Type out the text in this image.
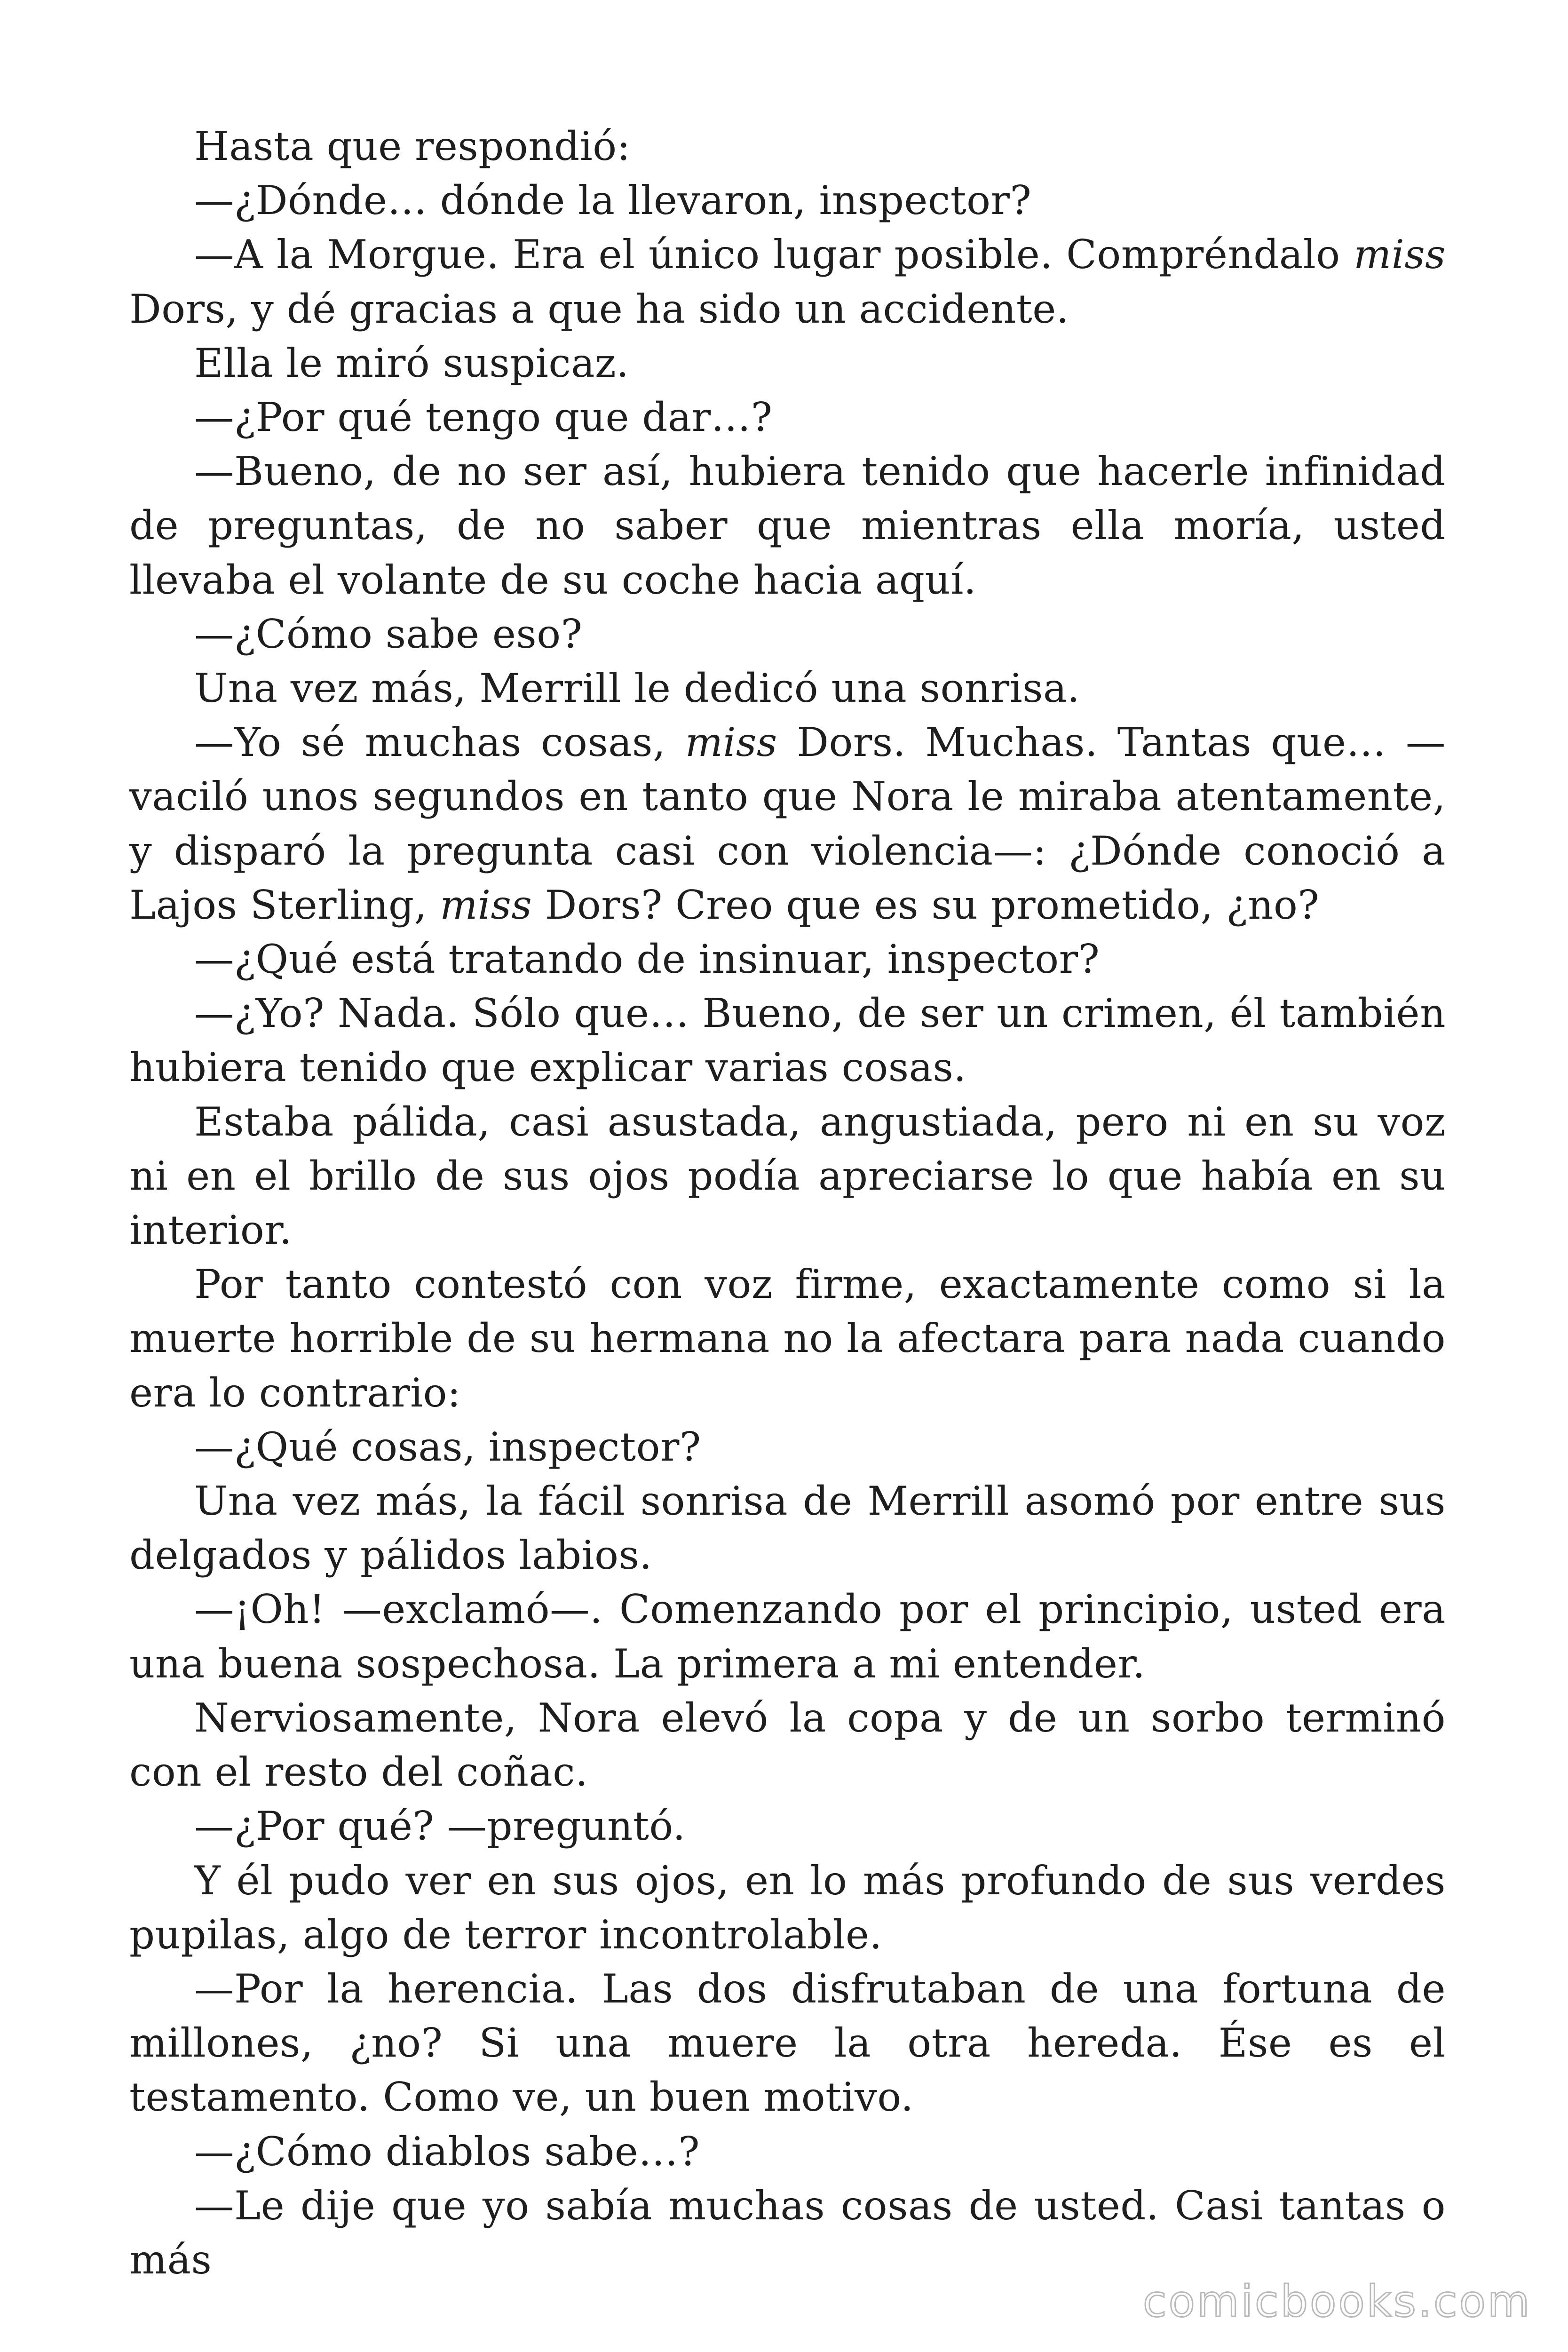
Hasta que respondió:

—¿Dónde… dónde la llevaron, inspector?

—A la Morgue. Era el único lugar posible. Compréndalo miss Dors, y dé gracias a que ha sido un accidente.

Ella le miró suspicaz.

—¿Por qué tengo que dar…?

—Bueno, de no ser así, hubiera tenido que hacerle infinidad de preguntas, de no saber que mientras ella moría, usted llevaba el volante de su coche hacia aquí.

—¿Cómo sabe eso?

Una vez más, Merrill le dedicó una sonrisa.

—Yo sé muchas cosas, miss Dors. Muchas. Tantas que… —vaciló unos segundos en tanto que Nora le miraba atentamente, y disparó la pregunta casi con violencia—: ¿Dónde conoció a Lajos Sterling, miss Dors? Creo que es su prometido, ¿no?

—¿Qué está tratando de insinuar, inspector?

—¿Yo? Nada. Sólo que… Bueno, de ser un crimen, él también hubiera tenido que explicar varias cosas.

Estaba pálida, casi asustada, angustiada, pero ni en su voz ni en el brillo de sus ojos podía apreciarse lo que había en su interior.

Por tanto contestó con voz firme, exactamente como si la muerte horrible de su hermana no la afectara para nada cuando era lo contrario:

—¿Qué cosas, inspector?

Una vez más, la fácil sonrisa de Merrill asomó por entre sus delgados y pálidos labios.

—¡Oh! —exclamó—. Comenzando por el principio, usted era una buena sospechosa. La primera a mi entender.

Nerviosamente, Nora elevó la copa y de un sorbo terminó con el resto del coñac.

—¿Por qué? —preguntó.

Y él pudo ver en sus ojos, en lo más profundo de sus verdes pupilas, algo de terror incontrolable.

—Por la herencia. Las dos disfrutaban de una fortuna de millones, ¿no? Si una muere la otra hereda. Ése es el testamento. Como ve, un buen motivo.

—¿Cómo diablos sabe…?

—Le dije que yo sabía muchas cosas de usted. Casi tantas o más

comicbooks.com
